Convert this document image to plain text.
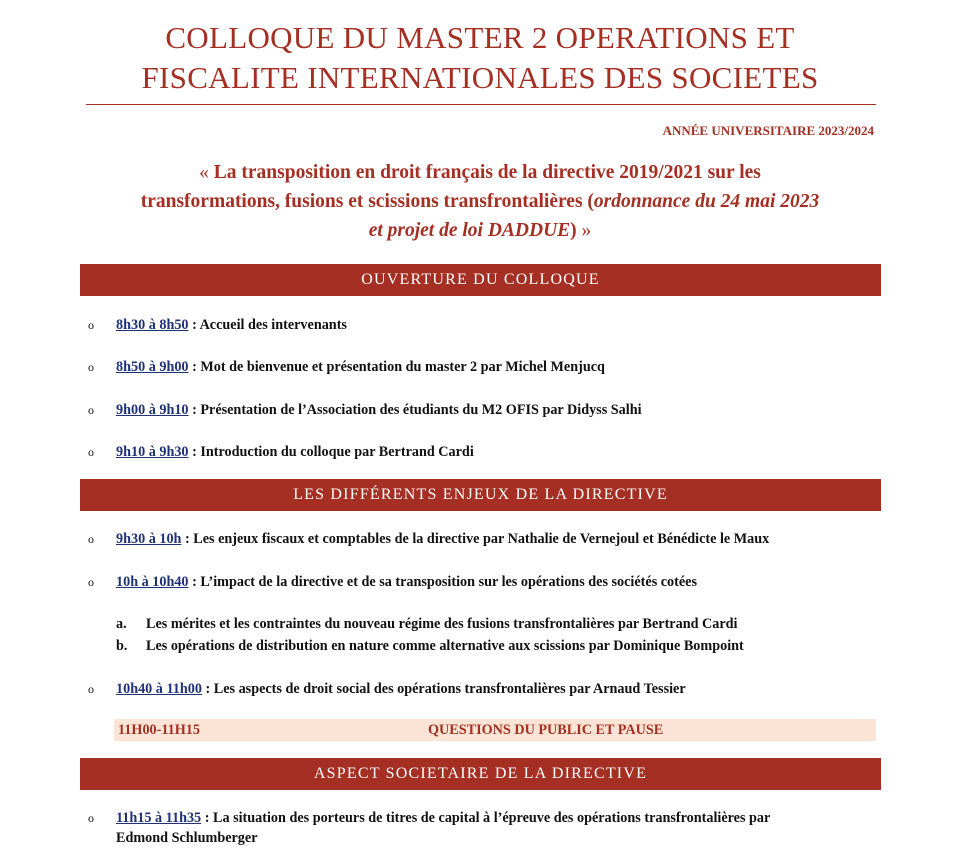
COLLOQUE DU MASTER 2 OPERATIONS ET
FISCALITE INTERNATIONALES DES SOCIETES
ANNÉE UNIVERSITAIRE 2023/2024
« La transposition en droit français de la directive 2019/2021 sur les
transformations, fusions et scissions transfrontalières (ordonnance du 24 mai 2023
et projet de loi DADDUE) »
OUVERTURE DU COLLOQUE
o 8h30 à 8h50 : Accueil des intervenants
o 8h50 à 9h00 : Mot de bienvenue et présentation du master 2 par Michel Menjucq
o 9h00 à 9h10 : Présentation de l’Association des étudiants du M2 OFIS par Didyss Salhi
o 9h10 à 9h30 : Introduction du colloque par Bertrand Cardi
LES DIFFÉRENTS ENJEUX DE LA DIRECTIVE
o 9h30 à 10h : Les enjeux fiscaux et comptables de la directive par Nathalie de Vernejoul et Bénédicte le Maux
o 10h à 10h40 : L’impact de la directive et de sa transposition sur les opérations des sociétés cotées
a. Les mérites et les contraintes du nouveau régime des fusions transfrontalières par Bertrand Cardi
b. Les opérations de distribution en nature comme alternative aux scissions par Dominique Bompoint
o 10h40 à 11h00 : Les aspects de droit social des opérations transfrontalières par Arnaud Tessier
11H00-11H15	QUESTIONS DU PUBLIC ET PAUSE
ASPECT SOCIETAIRE DE LA DIRECTIVE
o 11h15 à 11h35 : La situation des porteurs de titres de capital à l’épreuve des opérations transfrontalières par
Edmond Schlumberger
